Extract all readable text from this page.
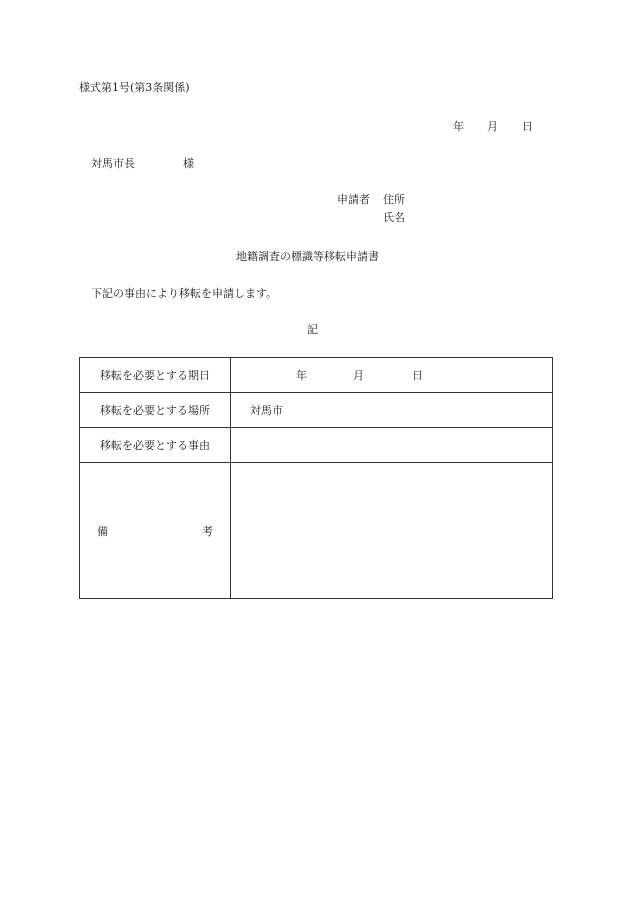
様式第1号(第3条関係)
年 月 日
対馬市長	様
申請者 住所
氏名
地籍調査の標識等移転申請書
下記の事由により移転を申請します。
記
移転を必要とする期日	年 月 日

移転を必要とする場所	対馬市
移転を必要とする事由	

備 考	
